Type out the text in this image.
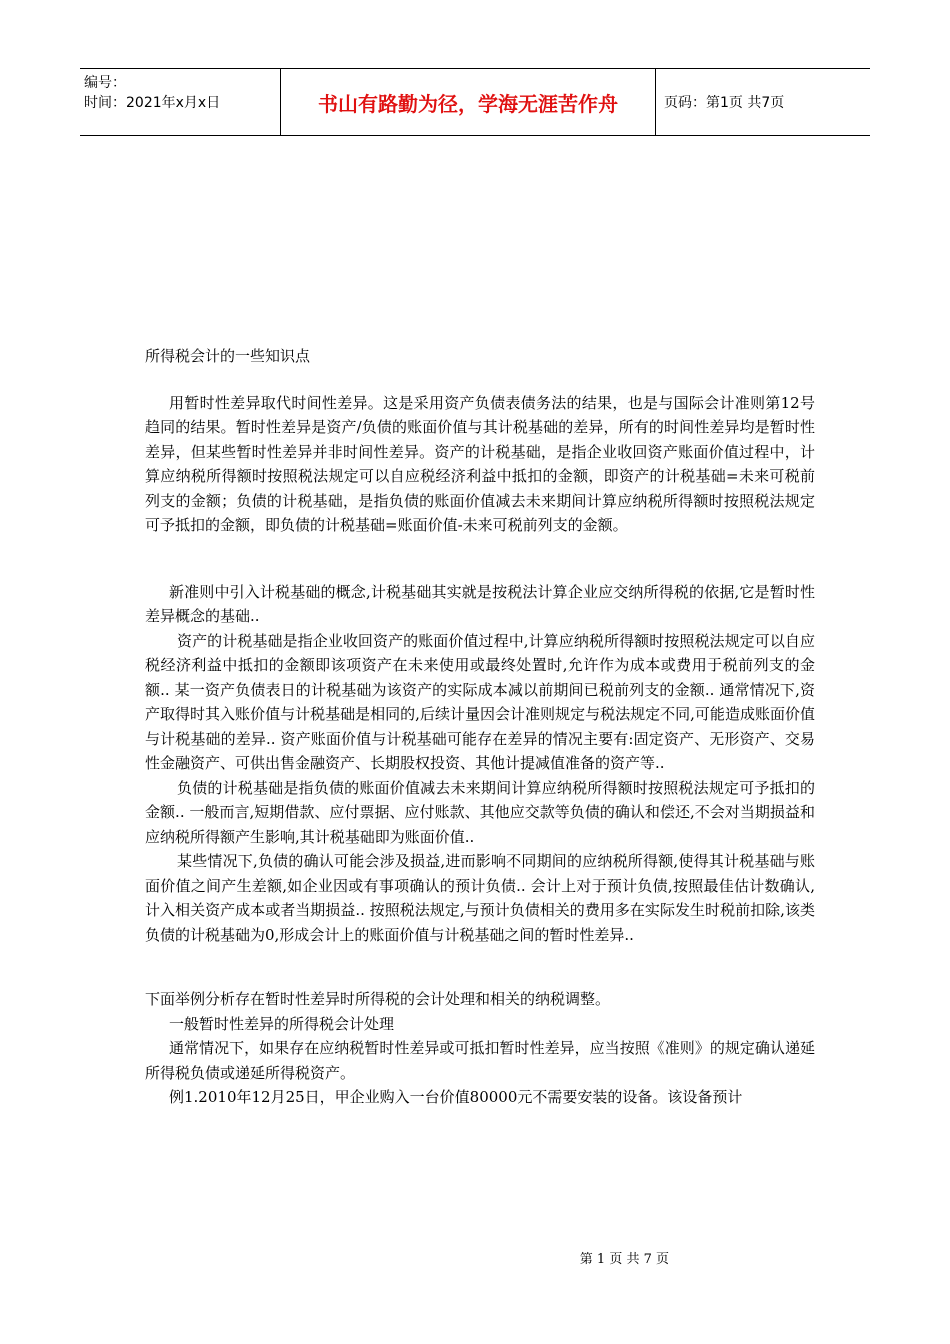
编号：
时间：2021年x月x日	书山有路勤为径，学海无涯苦作舟	页码：第1页 共7页

所得税会计的一些知识点

用暂时性差异取代时间性差异。这是采用资产负债表债务法的结果，也是与国际会计准则第12号趋同的结果。暂时性差异是资产/负债的账面价值与其计税基础的差异，所有的时间性差异均是暂时性差异，但某些暂时性差异并非时间性差异。资产的计税基础，是指企业收回资产账面价值过程中，计算应纳税所得额时按照税法规定可以自应税经济利益中抵扣的金额，即资产的计税基础=未来可税前列支的金额；负债的计税基础，是指负债的账面价值减去未来期间计算应纳税所得额时按照税法规定可予抵扣的金额，即负债的计税基础=账面价值-未来可税前列支的金额。

新准则中引入计税基础的概念,计税基础其实就是按税法计算企业应交纳所得税的依据,它是暂时性差异概念的基础..

资产的计税基础是指企业收回资产的账面价值过程中,计算应纳税所得额时按照税法规定可以自应税经济利益中抵扣的金额即该项资产在未来使用或最终处置时,允许作为成本或费用于税前列支的金额.. 某一资产负债表日的计税基础为该资产的实际成本减以前期间已税前列支的金额.. 通常情况下,资产取得时其入账价值与计税基础是相同的,后续计量因会计准则规定与税法规定不同,可能造成账面价值与计税基础的差异.. 资产账面价值与计税基础可能存在差异的情况主要有:固定资产、无形资产、交易性金融资产、可供出售金融资产、长期股权投资、其他计提减值准备的资产等..

负债的计税基础是指负债的账面价值减去未来期间计算应纳税所得额时按照税法规定可予抵扣的金额.. 一般而言,短期借款、应付票据、应付账款、其他应交款等负债的确认和偿还,不会对当期损益和应纳税所得额产生影响,其计税基础即为账面价值..

某些情况下,负债的确认可能会涉及损益,进而影响不同期间的应纳税所得额,使得其计税基础与账面价值之间产生差额,如企业因或有事项确认的预计负债.. 会计上对于预计负债,按照最佳估计数确认,计入相关资产成本或者当期损益.. 按照税法规定,与预计负债相关的费用多在实际发生时税前扣除,该类负债的计税基础为0,形成会计上的账面价值与计税基础之间的暂时性差异..

下面举例分析存在暂时性差异时所得税的会计处理和相关的纳税调整。

一般暂时性差异的所得税会计处理

通常情况下，如果存在应纳税暂时性差异或可抵扣暂时性差异，应当按照《准则》的规定确认递延所得税负债或递延所得税资产。

例1.2010年12月25日，甲企业购入一台价值80000元不需要安装的设备。该设备预计

第 1 页 共 7 页
